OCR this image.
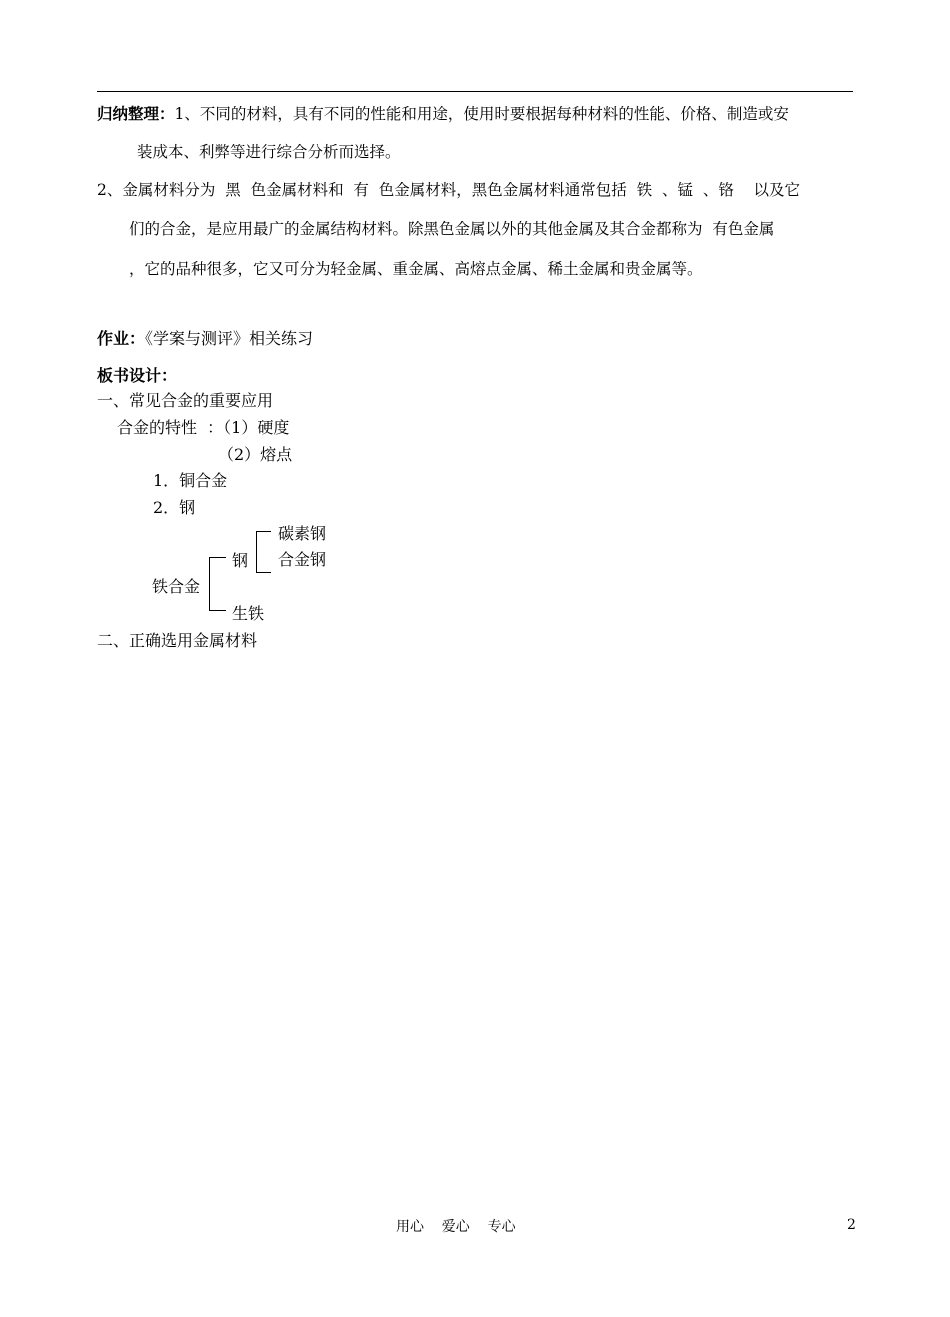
归纳整理：1、不同的材料，具有不同的性能和用途，使用时要根据每种材料的性能、价格、制造或安
装成本、利弊等进行综合分析而选择。
2、金属材料分为  黑  色金属材料和  有  色金属材料，黑色金属材料通常包括  铁  、锰  、铬    以及它
们的合金，是应用最广的金属结构材料。除黑色金属以外的其他金属及其合金都称为  有色金属
，它的品种很多，它又可分为轻金属、重金属、高熔点金属、稀土金属和贵金属等。
作业：《学案与测评》相关练习
板书设计：
一、常见合金的重要应用
合金的特性  ：（1）硬度
（2）熔点
1．铜合金
2．钢
碳素钢
合金钢
钢
铁合金
生铁
二、正确选用金属材料
用心    爱心    专心	2
